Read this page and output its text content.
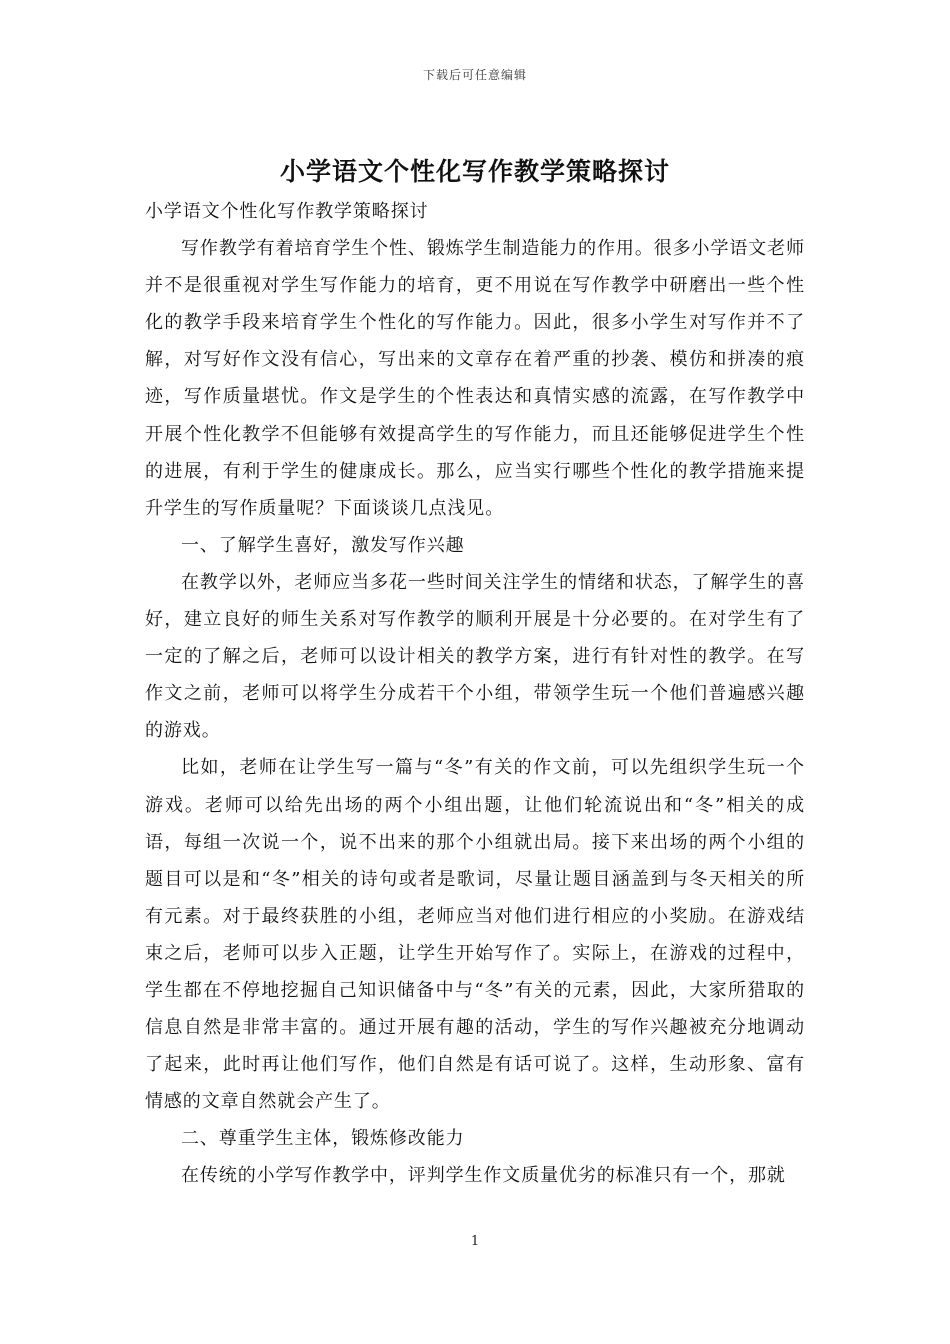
下载后可任意编辑
小学语文个性化写作教学策略探讨

小学语文个性化写作教学策略探讨

写作教学有着培育学生个性、锻炼学生制造能力的作用。很多小学语文老师并不是很重视对学生写作能力的培育，更不用说在写作教学中研磨出一些个性化的教学手段来培育学生个性化的写作能力。因此，很多小学生对写作并不了解，对写好作文没有信心，写出来的文章存在着严重的抄袭、模仿和拼凑的痕迹，写作质量堪忧。作文是学生的个性表达和真情实感的流露，在写作教学中开展个性化教学不但能够有效提高学生的写作能力，而且还能够促进学生个性的进展，有利于学生的健康成长。那么，应当实行哪些个性化的教学措施来提升学生的写作质量呢？下面谈谈几点浅见。

一、了解学生喜好，激发写作兴趣

在教学以外，老师应当多花一些时间关注学生的情绪和状态，了解学生的喜好，建立良好的师生关系对写作教学的顺利开展是十分必要的。在对学生有了一定的了解之后，老师可以设计相关的教学方案，进行有针对性的教学。在写作文之前，老师可以将学生分成若干个小组，带领学生玩一个他们普遍感兴趣的游戏。

比如，老师在让学生写一篇与“冬”有关的作文前，可以先组织学生玩一个游戏。老师可以给先出场的两个小组出题，让他们轮流说出和“冬”相关的成语，每组一次说一个，说不出来的那个小组就出局。接下来出场的两个小组的题目可以是和“冬”相关的诗句或者是歌词，尽量让题目涵盖到与冬天相关的所有元素。对于最终获胜的小组，老师应当对他们进行相应的小奖励。在游戏结束之后，老师可以步入正题，让学生开始写作了。实际上，在游戏的过程中，学生都在不停地挖掘自己知识储备中与“冬”有关的元素，因此，大家所猎取的信息自然是非常丰富的。通过开展有趣的活动，学生的写作兴趣被充分地调动了起来，此时再让他们写作，他们自然是有话可说了。这样，生动形象、富有情感的文章自然就会产生了。

二、尊重学生主体，锻炼修改能力

在传统的小学写作教学中，评判学生作文质量优劣的标准只有一个，那就

1
